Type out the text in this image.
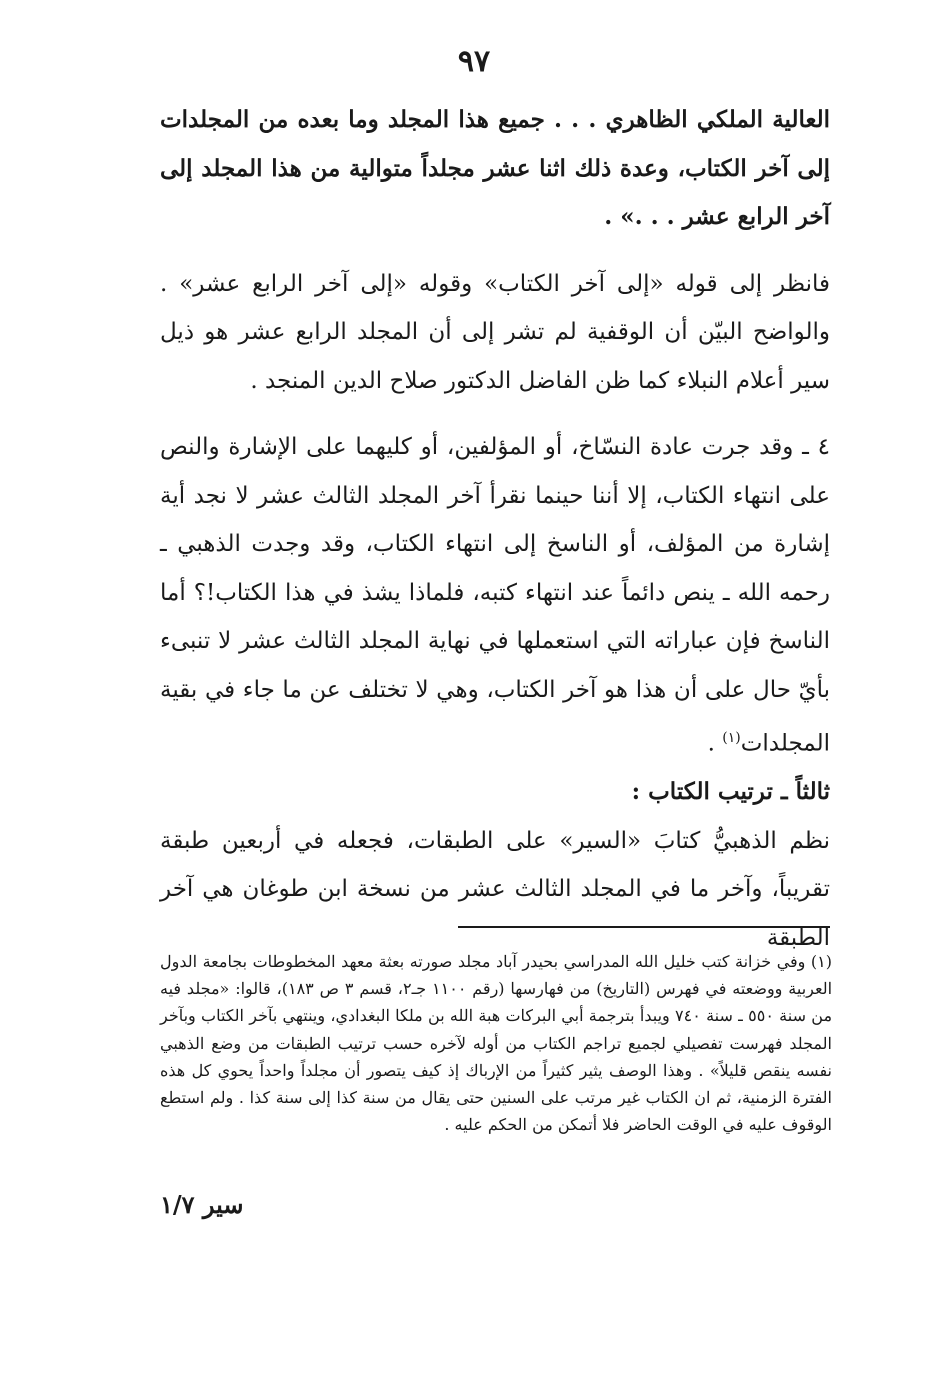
٩٧

العالية الملكي الظاهري . . . جميع هذا المجلد وما بعده من المجلدات إلى آخر الكتاب، وعدة ذلك اثنا عشر مجلداً متوالية من هذا المجلد إلى آخر الرابع عشر . . .» .

فانظر إلى قوله «إلى آخر الكتاب» وقوله «إلى آخر الرابع عشر» . والواضح البيّن أن الوقفية لم تشر إلى أن المجلد الرابع عشر هو ذيل سير أعلام النبلاء كما ظن الفاضل الدكتور صلاح الدين المنجد .

٤ ـ وقد جرت عادة النسّاخ، أو المؤلفين، أو كليهما على الإشارة والنص على انتهاء الكتاب، إلا أننا حينما نقرأ آخر المجلد الثالث عشر لا نجد أية إشارة من المؤلف، أو الناسخ إلى انتهاء الكتاب، وقد وجدت الذهبي ـ رحمه الله ـ ينص دائماً عند انتهاء كتبه، فلماذا يشذ في هذا الكتاب!؟ أما الناسخ فإن عباراته التي استعملها في نهاية المجلد الثالث عشر لا تنبىء بأيّ حال على أن هذا هو آخر الكتاب، وهي لا تختلف عن ما جاء في بقية المجلدات$^{(١)}$ .

ثالثاً ـ ترتيب الكتاب :

نظم الذهبيُّ كتابَ «السير» على الطبقات، فجعله في أربعين طبقة تقريباً، وآخر ما في المجلد الثالث عشر من نسخة ابن طوغان هي آخر الطبقة

(١) وفي خزانة كتب خليل الله المدراسي بحيدر آباد مجلد صورته بعثة معهد المخطوطات بجامعة الدول العربية ووضعته في فهرس (التاريخ) من فهارسها (رقم ١١٠٠ جـ٢، قسم ٣ ص ١٨٣)، قالوا: «مجلد فيه من سنة ٥٥٠ ـ سنة ٧٤٠ ويبدأ بترجمة أبي البركات هبة الله بن ملكا البغدادي، وينتهي بآخر الكتاب وبآخر المجلد فهرست تفصيلي لجميع تراجم الكتاب من أوله لآخره حسب ترتيب الطبقات من وضع الذهبي نفسه ينقص قليلاً» . وهذا الوصف يثير كثيراً من الإرباك إذ كيف يتصور أن مجلداً واحداً يحوي كل هذه الفترة الزمنية، ثم ان الكتاب غير مرتب على السنين حتى يقال من سنة كذا إلى سنة كذا . ولم استطع الوقوف عليه في الوقت الحاضر فلا أتمكن من الحكم عليه .

سير ١/٧
